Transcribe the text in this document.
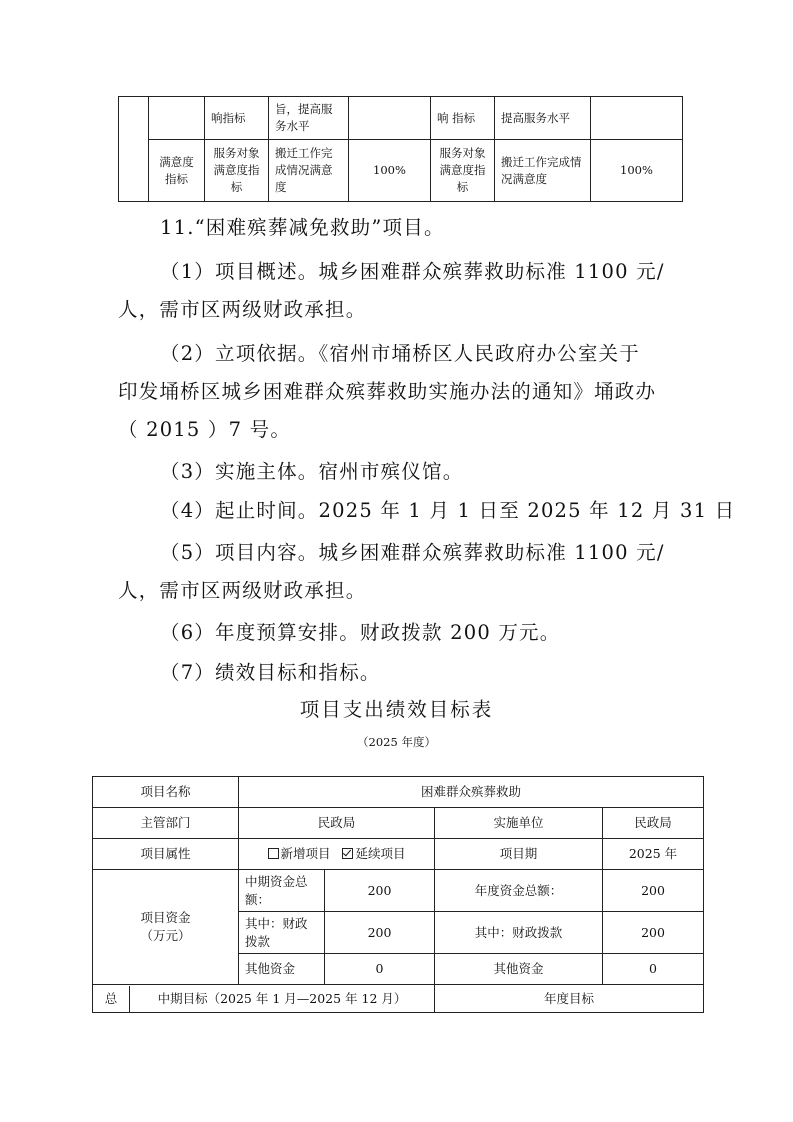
		响指标	旨，提高服务水平		响 指标	提高服务水平	
	满意度指标	服务对象满意度指标	搬迁工作完成情况满意度	100%	服务对象满意度指标	搬迁工作完成情况满意度	100%
11.“困难殡葬减免救助”项目。
（1）项目概述。城乡困难群众殡葬救助标准 1100 元/
人，需市区两级财政承担。
（2）立项依据。《宿州市埇桥区人民政府办公室关于
印发埇桥区城乡困难群众殡葬救助实施办法的通知》埇政办
（ 2015 ）7 号。
（3）实施主体。宿州市殡仪馆。
（4）起止时间。2025 年 1 月 1 日至 2025 年 12 月 31 日
（5）项目内容。城乡困难群众殡葬救助标准 1100 元/
人，需市区两级财政承担。
（6）年度预算安排。财政拨款 200 万元。
（7）绩效目标和指标。
项目支出绩效目标表
（2025 年度）
项目名称	困难群众殡葬救助			
主管部门	民政局		实施单位	民政局
项目属性	新增项目 延续项目		项目期	2025 年

项目资金
（万元）	中期资金总额：	200	年度资金总额：	200
	其中：财政拨款	200	其中：财政拨款	200
	其他资金	0	其他资金	0

总 中期目标（2025 年 1 月—2025 年 12 月）			年度目标	
